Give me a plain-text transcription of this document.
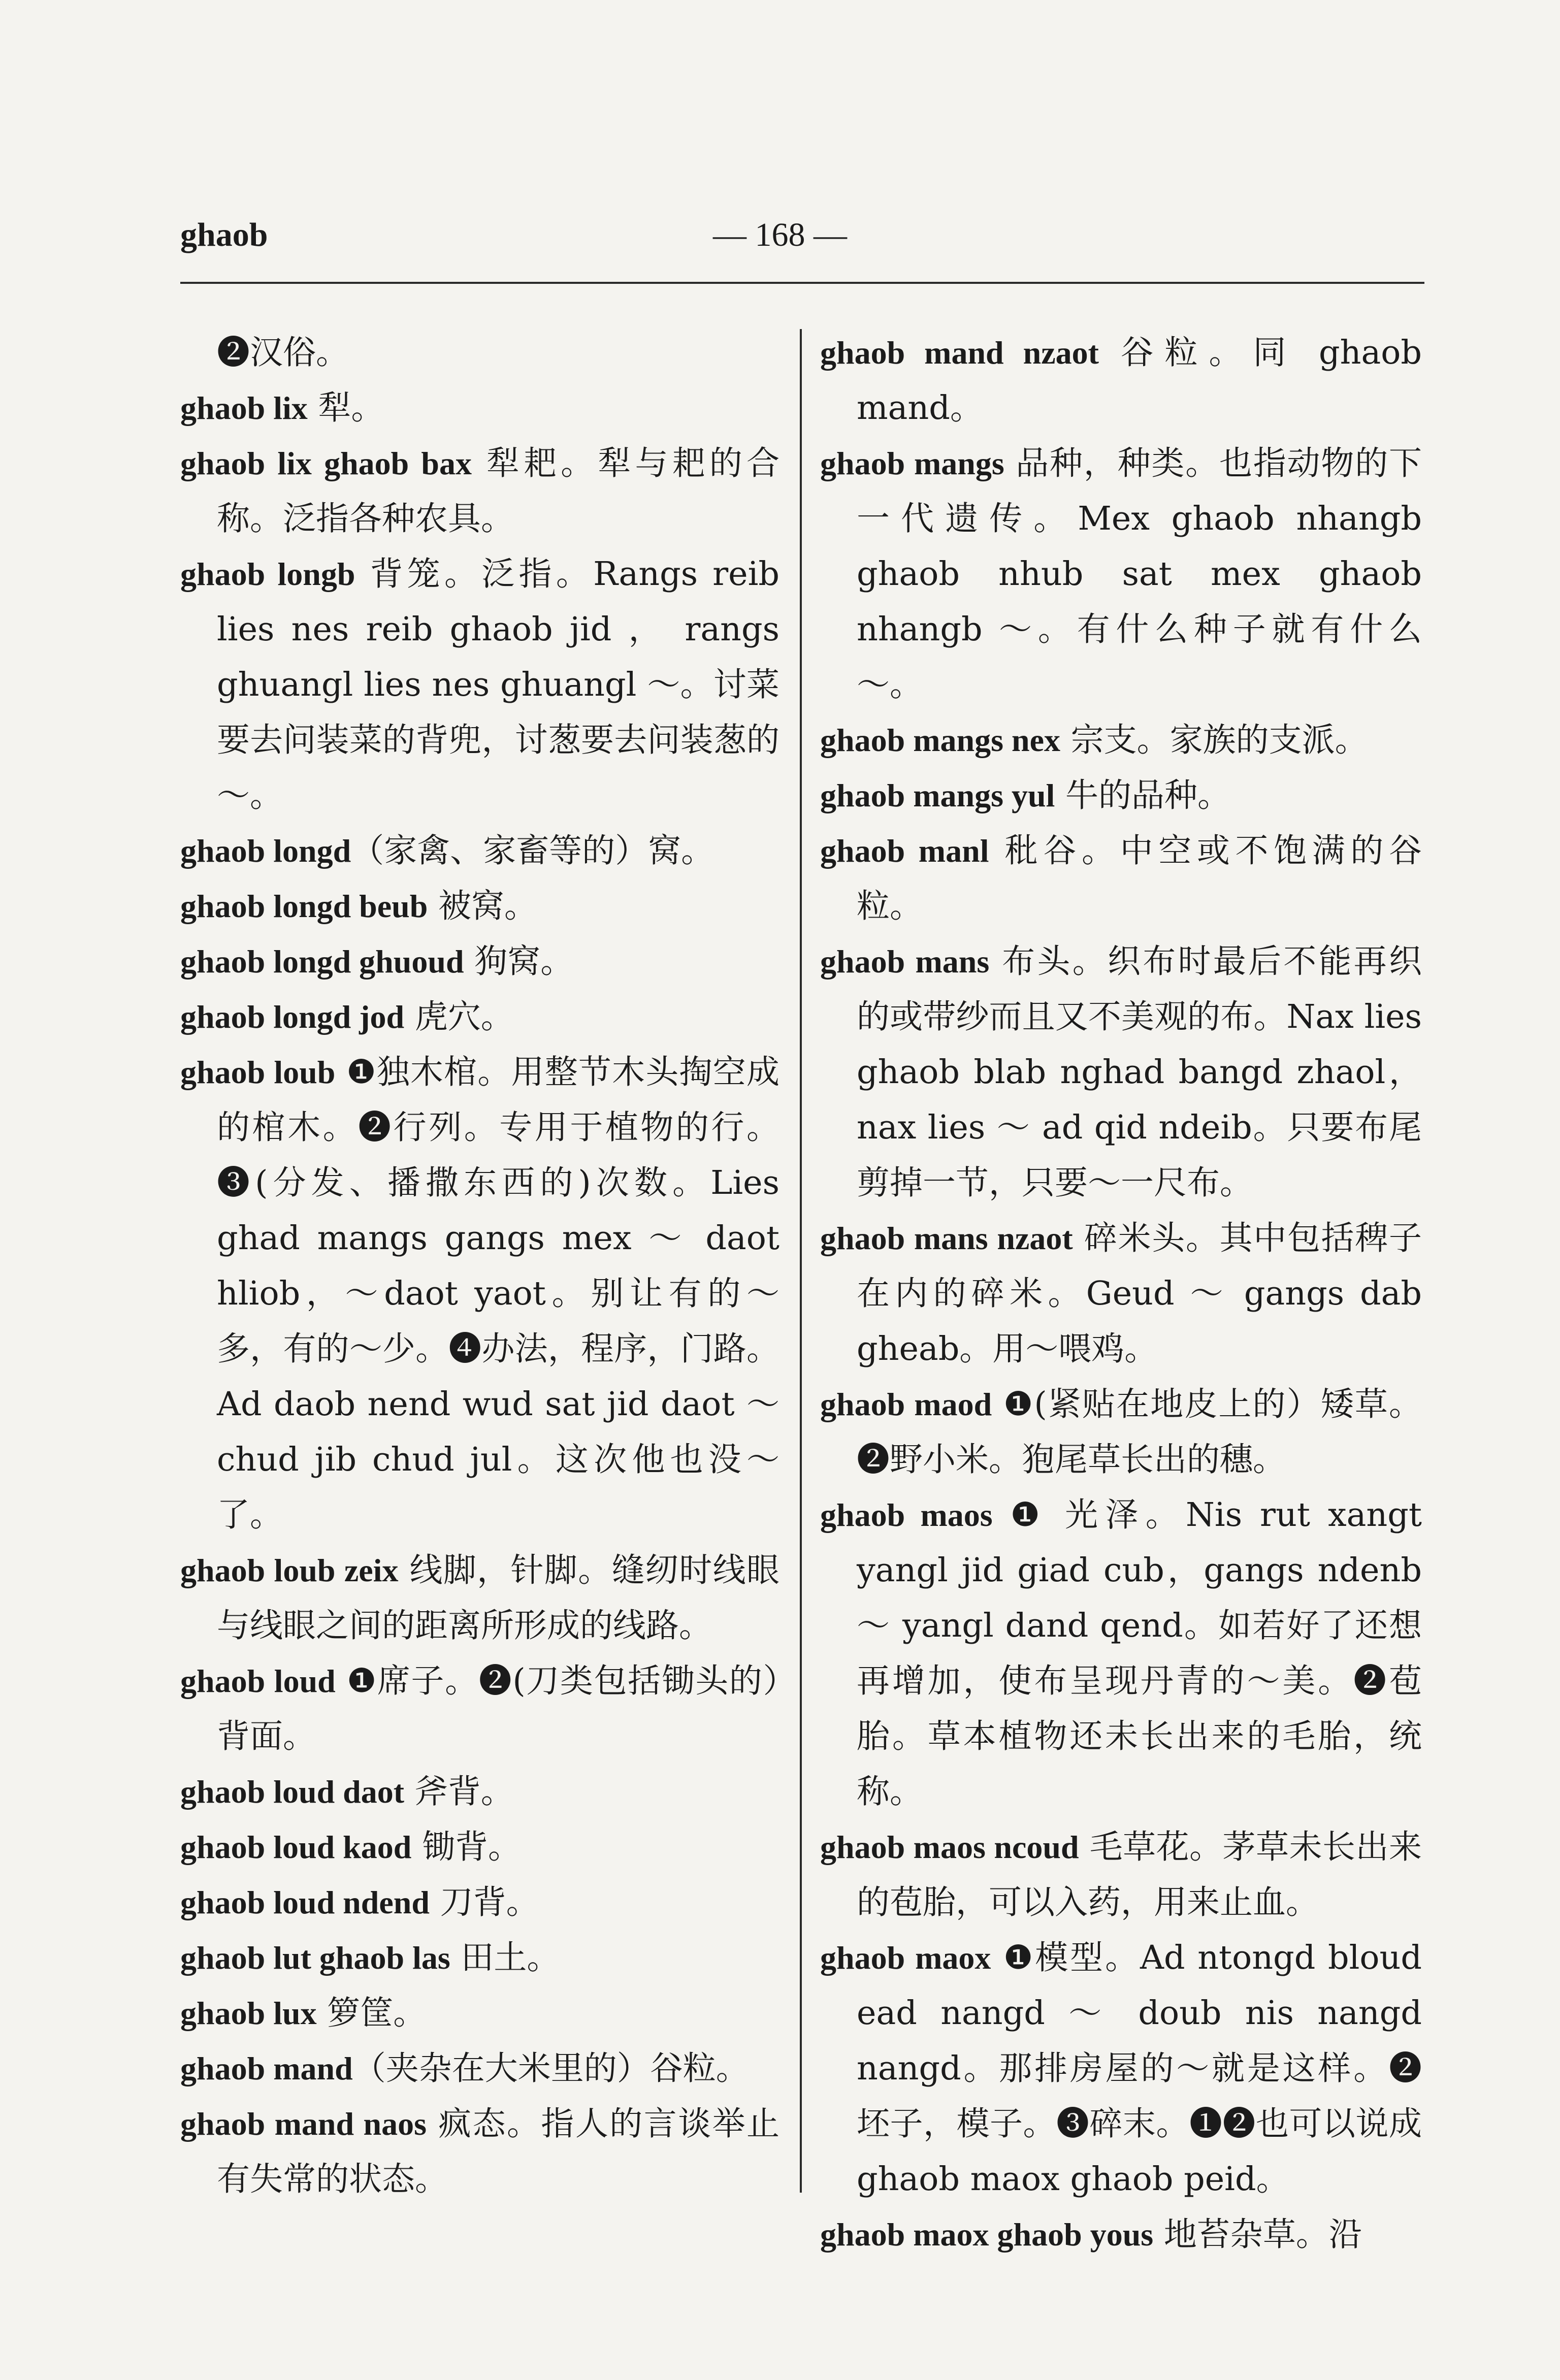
ghaob	— 168 —
❷汉俗。
ghaob lix 犁。
ghaob lix ghaob bax 犁耙。犁与耙的合称。泛指各种农具。
ghaob longb 背笼。泛指。Rangs reib lies nes reib ghaob jid ， rangs ghuangl lies nes ghuangl ～。讨菜要去问装菜的背兜，讨葱要去问装葱的～。
ghaob longd（家禽、家畜等的）窝。
ghaob longd beub 被窝。
ghaob longd ghuoud 狗窝。
ghaob longd jod 虎穴。
ghaob loub ❶独木棺。用整节木头掏空成的棺木。❷行列。专用于植物的行。❸(分发、播撒东西的)次数。Lies ghad mangs gangs mex ～ daot hliob，～daot yaot。别让有的～多，有的～少。❹办法，程序，门路。Ad daob nend wud sat jid daot ～ chud jib chud jul。这次他也没～了。
ghaob loub zeix 线脚，针脚。缝纫时线眼与线眼之间的距离所形成的线路。
ghaob loud ❶席子。❷(刀类包括锄头的）背面。
ghaob loud daot 斧背。
ghaob loud kaod 锄背。
ghaob loud ndend 刀背。
ghaob lut ghaob las 田土。
ghaob lux 箩筐。
ghaob mand（夹杂在大米里的）谷粒。
ghaob mand naos 疯态。指人的言谈举止有失常的状态。
ghaob mand nzaot 谷粒。同 ghaob mand。
ghaob mangs 品种，种类。也指动物的下一代遗传。Mex ghaob nhangb ghaob nhub sat mex ghaob nhangb ～。有什么种子就有什么～。
ghaob mangs nex 宗支。家族的支派。
ghaob mangs yul 牛的品种。
ghaob manl 秕谷。中空或不饱满的谷粒。
ghaob mans 布头。织布时最后不能再织的或带纱而且又不美观的布。Nax lies ghaob blab nghad bangd zhaol，nax lies ～ ad qid ndeib。只要布尾剪掉一节，只要～一尺布。
ghaob mans nzaot 碎米头。其中包括稗子在内的碎米。Geud ～ gangs dab gheab。用～喂鸡。
ghaob maod ❶(紧贴在地皮上的）矮草。❷野小米。狍尾草长出的穗。
ghaob maos ❶ 光泽。Nis rut xangt yangl jid giad cub，gangs ndenb ～ yangl dand qend。如若好了还想再增加，使布呈现丹青的～美。❷苞胎。草本植物还未长出来的毛胎，统称。
ghaob maos ncoud 毛草花。茅草未长出来的苞胎，可以入药，用来止血。
ghaob maox ❶模型。Ad ntongd bloud ead nangd ～ doub nis nangd nangd。那排房屋的～就是这样。❷坯子，模子。❸碎末。❶❷也可以说成 ghaob maox ghaob peid。
ghaob maox ghaob yous 地苔杂草。沿
